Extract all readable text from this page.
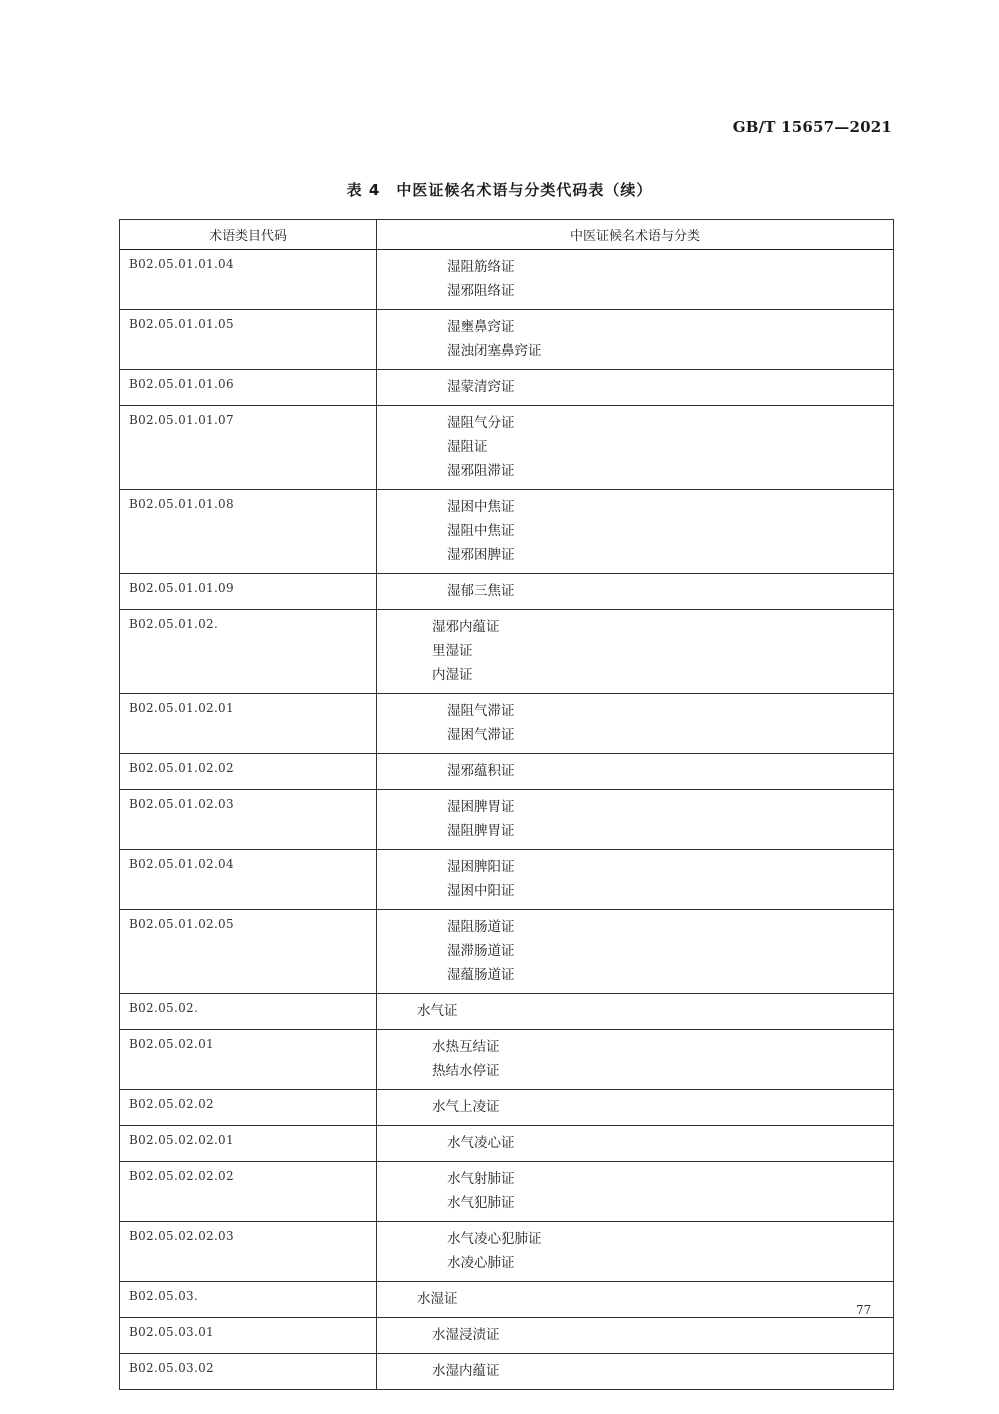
GB/T 15657—2021
表 4　中医证候名术语与分类代码表（续）
术语类目代码	中医证候名术语与分类
B02.05.01.01.04	湿阻筋络证
湿邪阻络证

B02.05.01.01.05	湿壅鼻窍证
湿浊闭塞鼻窍证

B02.05.01.01.06	湿蒙清窍证

B02.05.01.01.07	湿阻气分证
湿阻证
湿邪阻滞证

B02.05.01.01.08	湿困中焦证
湿阻中焦证
湿邪困脾证

B02.05.01.01.09	湿郁三焦证

B02.05.01.02.	湿邪内蕴证
里湿证
内湿证

B02.05.01.02.01	湿阻气滞证
湿困气滞证

B02.05.01.02.02	湿邪蕴积证

B02.05.01.02.03	湿困脾胃证
湿阻脾胃证

B02.05.01.02.04	湿困脾阳证
湿困中阳证

B02.05.01.02.05	湿阻肠道证
湿滞肠道证
湿蕴肠道证

B02.05.02.	水气证

B02.05.02.01	水热互结证
热结水停证

B02.05.02.02	水气上凌证

B02.05.02.02.01	水气凌心证

B02.05.02.02.02	水气射肺证
水气犯肺证

B02.05.02.02.03	水气凌心犯肺证
水凌心肺证

B02.05.03.	水湿证

B02.05.03.01	水湿浸渍证

B02.05.03.02	水湿内蕴证
77
